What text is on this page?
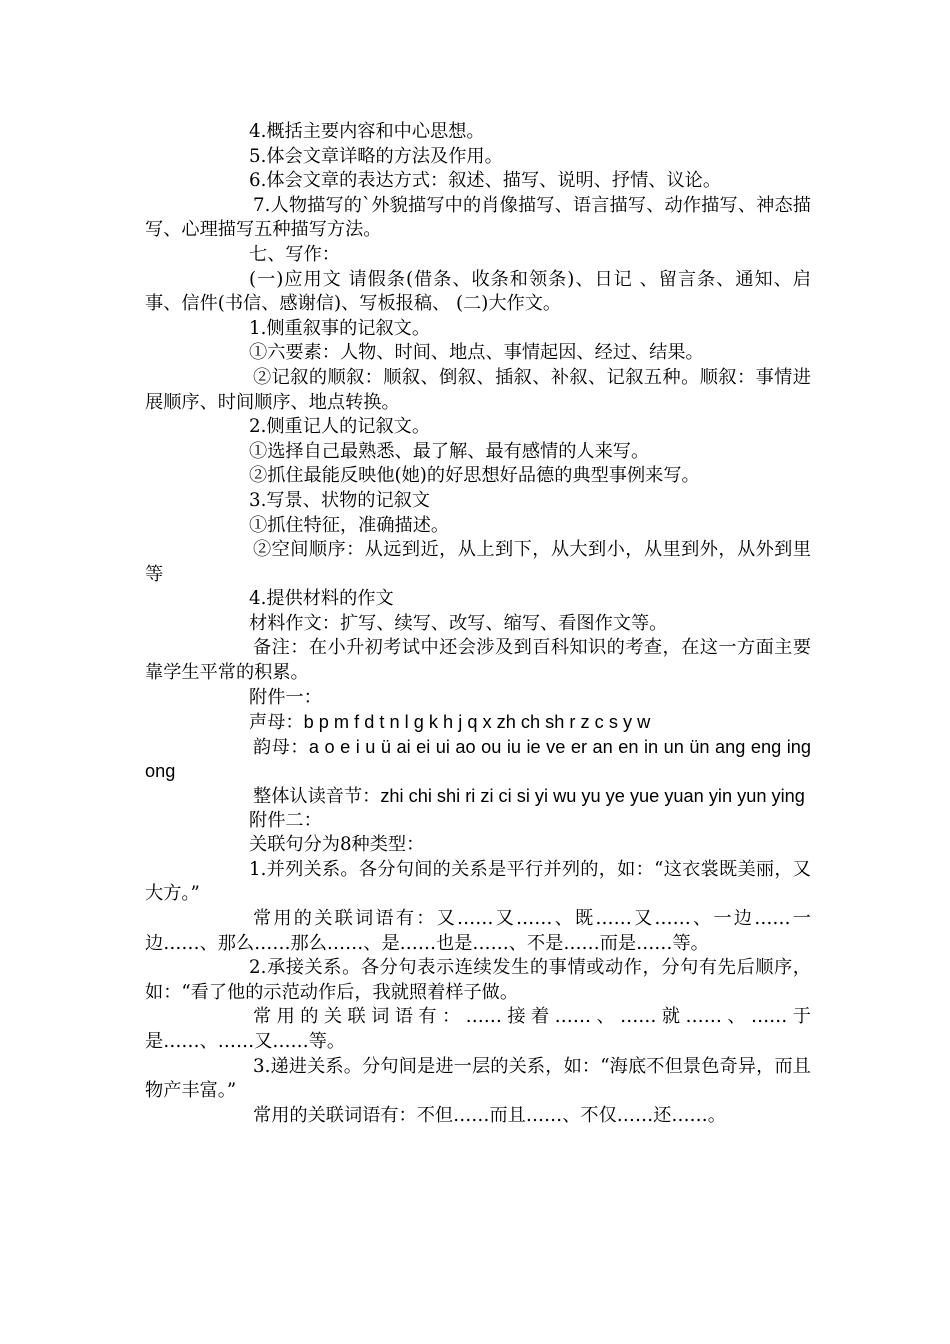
4.概括主要内容和中心思想。

5.体会文章详略的方法及作用。

6.体会文章的表达方式：叙述、描写、说明、抒情、议论。

7.人物描写的`外貌描写中的肖像描写、语言描写、动作描写、神态描写、心理描写五种描写方法。

七、写作：

(一)应用文 请假条(借条、收条和领条)、日记 、留言条、通知、启事、信件(书信、感谢信)、写板报稿、 (二)大作文。

1.侧重叙事的记叙文。

①六要素：人物、时间、地点、事情起因、经过、结果。

②记叙的顺叙：顺叙、倒叙、插叙、补叙、记叙五种。顺叙：事情进展顺序、时间顺序、地点转换。

2.侧重记人的记叙文。

①选择自己最熟悉、最了解、最有感情的人来写。

②抓住最能反映他(她)的好思想好品德的典型事例来写。

3.写景、状物的记叙文

①抓住特征，准确描述。

②空间顺序：从远到近，从上到下，从大到小，从里到外，从外到里等

4.提供材料的作文

材料作文：扩写、续写、改写、缩写、看图作文等。

备注：在小升初考试中还会涉及到百科知识的考查，在这一方面主要靠学生平常的积累。

附件一：

声母：b p m f d t n l g k h j q x zh ch sh r z c s y w

韵母：a o e i u ü ai ei ui ao ou iu ie ve er an en in un ün ang eng ing ong

整体认读音节：zhi chi shi ri zi ci si yi wu yu ye yue yuan yin yun ying

附件二：

关联句分为8种类型：

1.并列关系。各分句间的关系是平行并列的，如：“这衣裳既美丽，又大方。”

常用的关联词语有：又……又……、既……又……、一边……一边……、那么……那么……、是……也是……、不是……而是……等。

2.承接关系。各分句表示连续发生的事情或动作，分句有先后顺序，如：“看了他的示范动作后，我就照着样子做。

常用的关联词语有：……接着……、……就……、……于是……、……又……等。

3.递进关系。分句间是进一层的关系，如：“海底不但景色奇异，而且物产丰富。”

常用的关联词语有：不但……而且……、不仅……还……。
